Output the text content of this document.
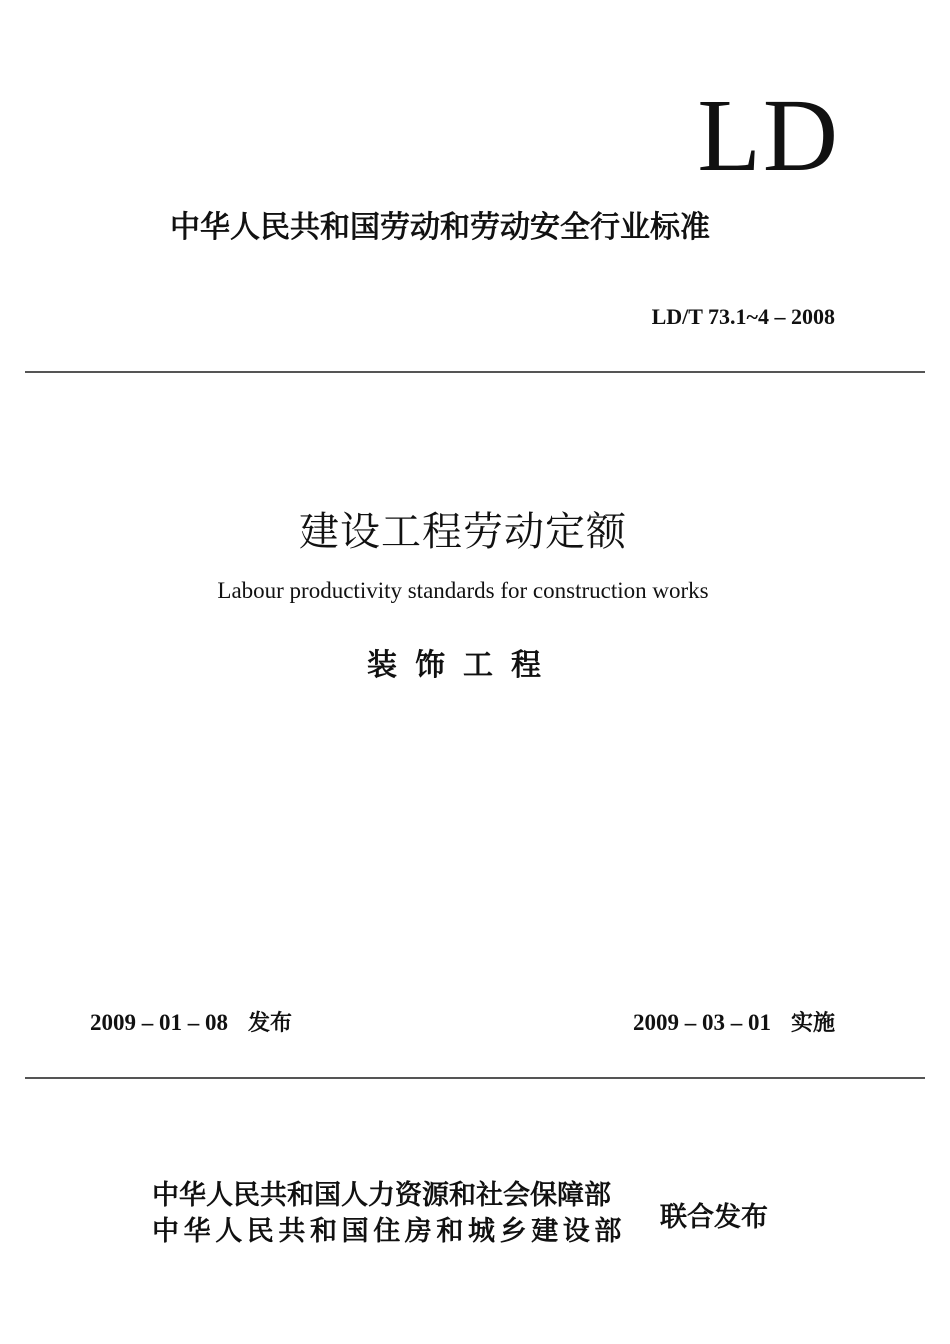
LD
中华人民共和国劳动和劳动安全行业标准
LD/T 73.1~4 – 2008
建设工程劳动定额
Labour productivity standards for construction works
装饰工程
2009 – 01 – 08 发布	2009 – 03 – 01 实施
中华人民共和国人力资源和社会保障部
中华人民共和国住房和城乡建设部 联合发布
